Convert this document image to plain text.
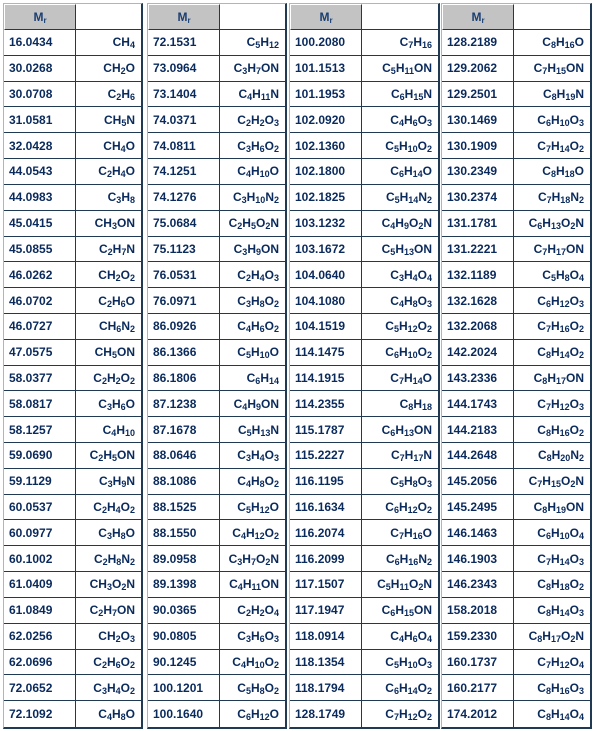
$M_r$	
16.0434	$CH_4$
30.0268	$CH_2O$
30.0708	$C_2H_6$
31.0581	$CH_5N$
32.0428	$CH_4O$
44.0543	$C_2H_4O$
44.0983	$C_3H_8$
45.0415	$CH_3ON$
45.0855	$C_2H_7N$
46.0262	$CH_2O_2$
46.0702	$C_2H_6O$
46.0727	$CH_6N_2$
47.0575	$CH_5ON$
58.0377	$C_2H_2O_2$
58.0817	$C_3H_6O$
58.1257	$C_4H_{10}$
59.0690	$C_2H_5ON$
59.1129	$C_3H_9N$
60.0537	$C_2H_4O_2$
60.0977	$C_3H_8O$
60.1002	$C_2H_8N_2$
61.0409	$CH_3O_2N$
61.0849	$C_2H_7ON$
62.0256	$CH_2O_3$
62.0696	$C_2H_6O_2$
72.0652	$C_3H_4O_2$
72.1092	$C_4H_8O$
$M_r$	
72.1531	$C_5H_{12}$
73.0964	$C_3H_7ON$
73.1404	$C_4H_{11}N$
74.0371	$C_2H_2O_3$
74.0811	$C_3H_6O_2$
74.1251	$C_4H_{10}O$
74.1276	$C_3H_{10}N_2$
75.0684	$C_2H_5O_2N$
75.1123	$C_3H_9ON$
76.0531	$C_2H_4O_3$
76.0971	$C_3H_8O_2$
86.0926	$C_4H_6O_2$
86.1366	$C_5H_{10}O$
86.1806	$C_6H_{14}$
87.1238	$C_4H_9ON$
87.1678	$C_5H_{13}N$
88.0646	$C_3H_4O_3$
88.1086	$C_4H_8O_2$
88.1525	$C_5H_{12}O$
88.1550	$C_4H_{12}O_2$
89.0958	$C_3H_7O_2N$
89.1398	$C_4H_{11}ON$
90.0365	$C_2H_2O_4$
90.0805	$C_3H_6O_3$
90.1245	$C_4H_{10}O_2$
100.1201	$C_5H_8O_2$
100.1640	$C_6H_{12}O$
$M_r$	
100.2080	$C_7H_{16}$
101.1513	$C_5H_{11}ON$
101.1953	$C_6H_{15}N$
102.0920	$C_4H_6O_3$
102.1360	$C_5H_{10}O_2$
102.1800	$C_6H_{14}O$
102.1825	$C_5H_{14}N_2$
103.1232	$C_4H_9O_2N$
103.1672	$C_5H_{13}ON$
104.0640	$C_3H_4O_4$
104.1080	$C_4H_8O_3$
104.1519	$C_5H_{12}O_2$
114.1475	$C_6H_{10}O_2$
114.1915	$C_7H_{14}O$
114.2355	$C_8H_{18}$
115.1787	$C_6H_{13}ON$
115.2227	$C_7H_{17}N$
116.1195	$C_5H_8O_3$
116.1634	$C_6H_{12}O_2$
116.2074	$C_7H_{16}O$
116.2099	$C_6H_{16}N_2$
117.1507	$C_5H_{11}O_2N$
117.1947	$C_6H_{15}ON$
118.0914	$C_4H_6O_4$
118.1354	$C_5H_{10}O_3$
118.1794	$C_6H_{14}O_2$
128.1749	$C_7H_{12}O_2$
$M_r$	
128.2189	$C_8H_{16}O$
129.2062	$C_7H_{15}ON$
129.2501	$C_8H_{19}N$
130.1469	$C_6H_{10}O_3$
130.1909	$C_7H_{14}O_2$
130.2349	$C_8H_{18}O$
130.2374	$C_7H_{18}N_2$
131.1781	$C_6H_{13}O_2N$
131.2221	$C_7H_{17}ON$
132.1189	$C_5H_8O_4$
132.1628	$C_6H_{12}O_3$
132.2068	$C_7H_{16}O_2$
142.2024	$C_8H_{14}O_2$
143.2336	$C_8H_{17}ON$
144.1743	$C_7H_{12}O_3$
144.2183	$C_8H_{16}O_2$
144.2648	$C_8H_{20}N_2$
145.2056	$C_7H_{15}O_2N$
145.2495	$C_8H_{19}ON$
146.1463	$C_6H_{10}O_4$
146.1903	$C_7H_{14}O_3$
146.2343	$C_8H_{18}O_2$
158.2018	$C_8H_{14}O_3$
159.2330	$C_8H_{17}O_2N$
160.1737	$C_7H_{12}O_4$
160.2177	$C_8H_{16}O_3$
174.2012	$C_8H_{14}O_4$
